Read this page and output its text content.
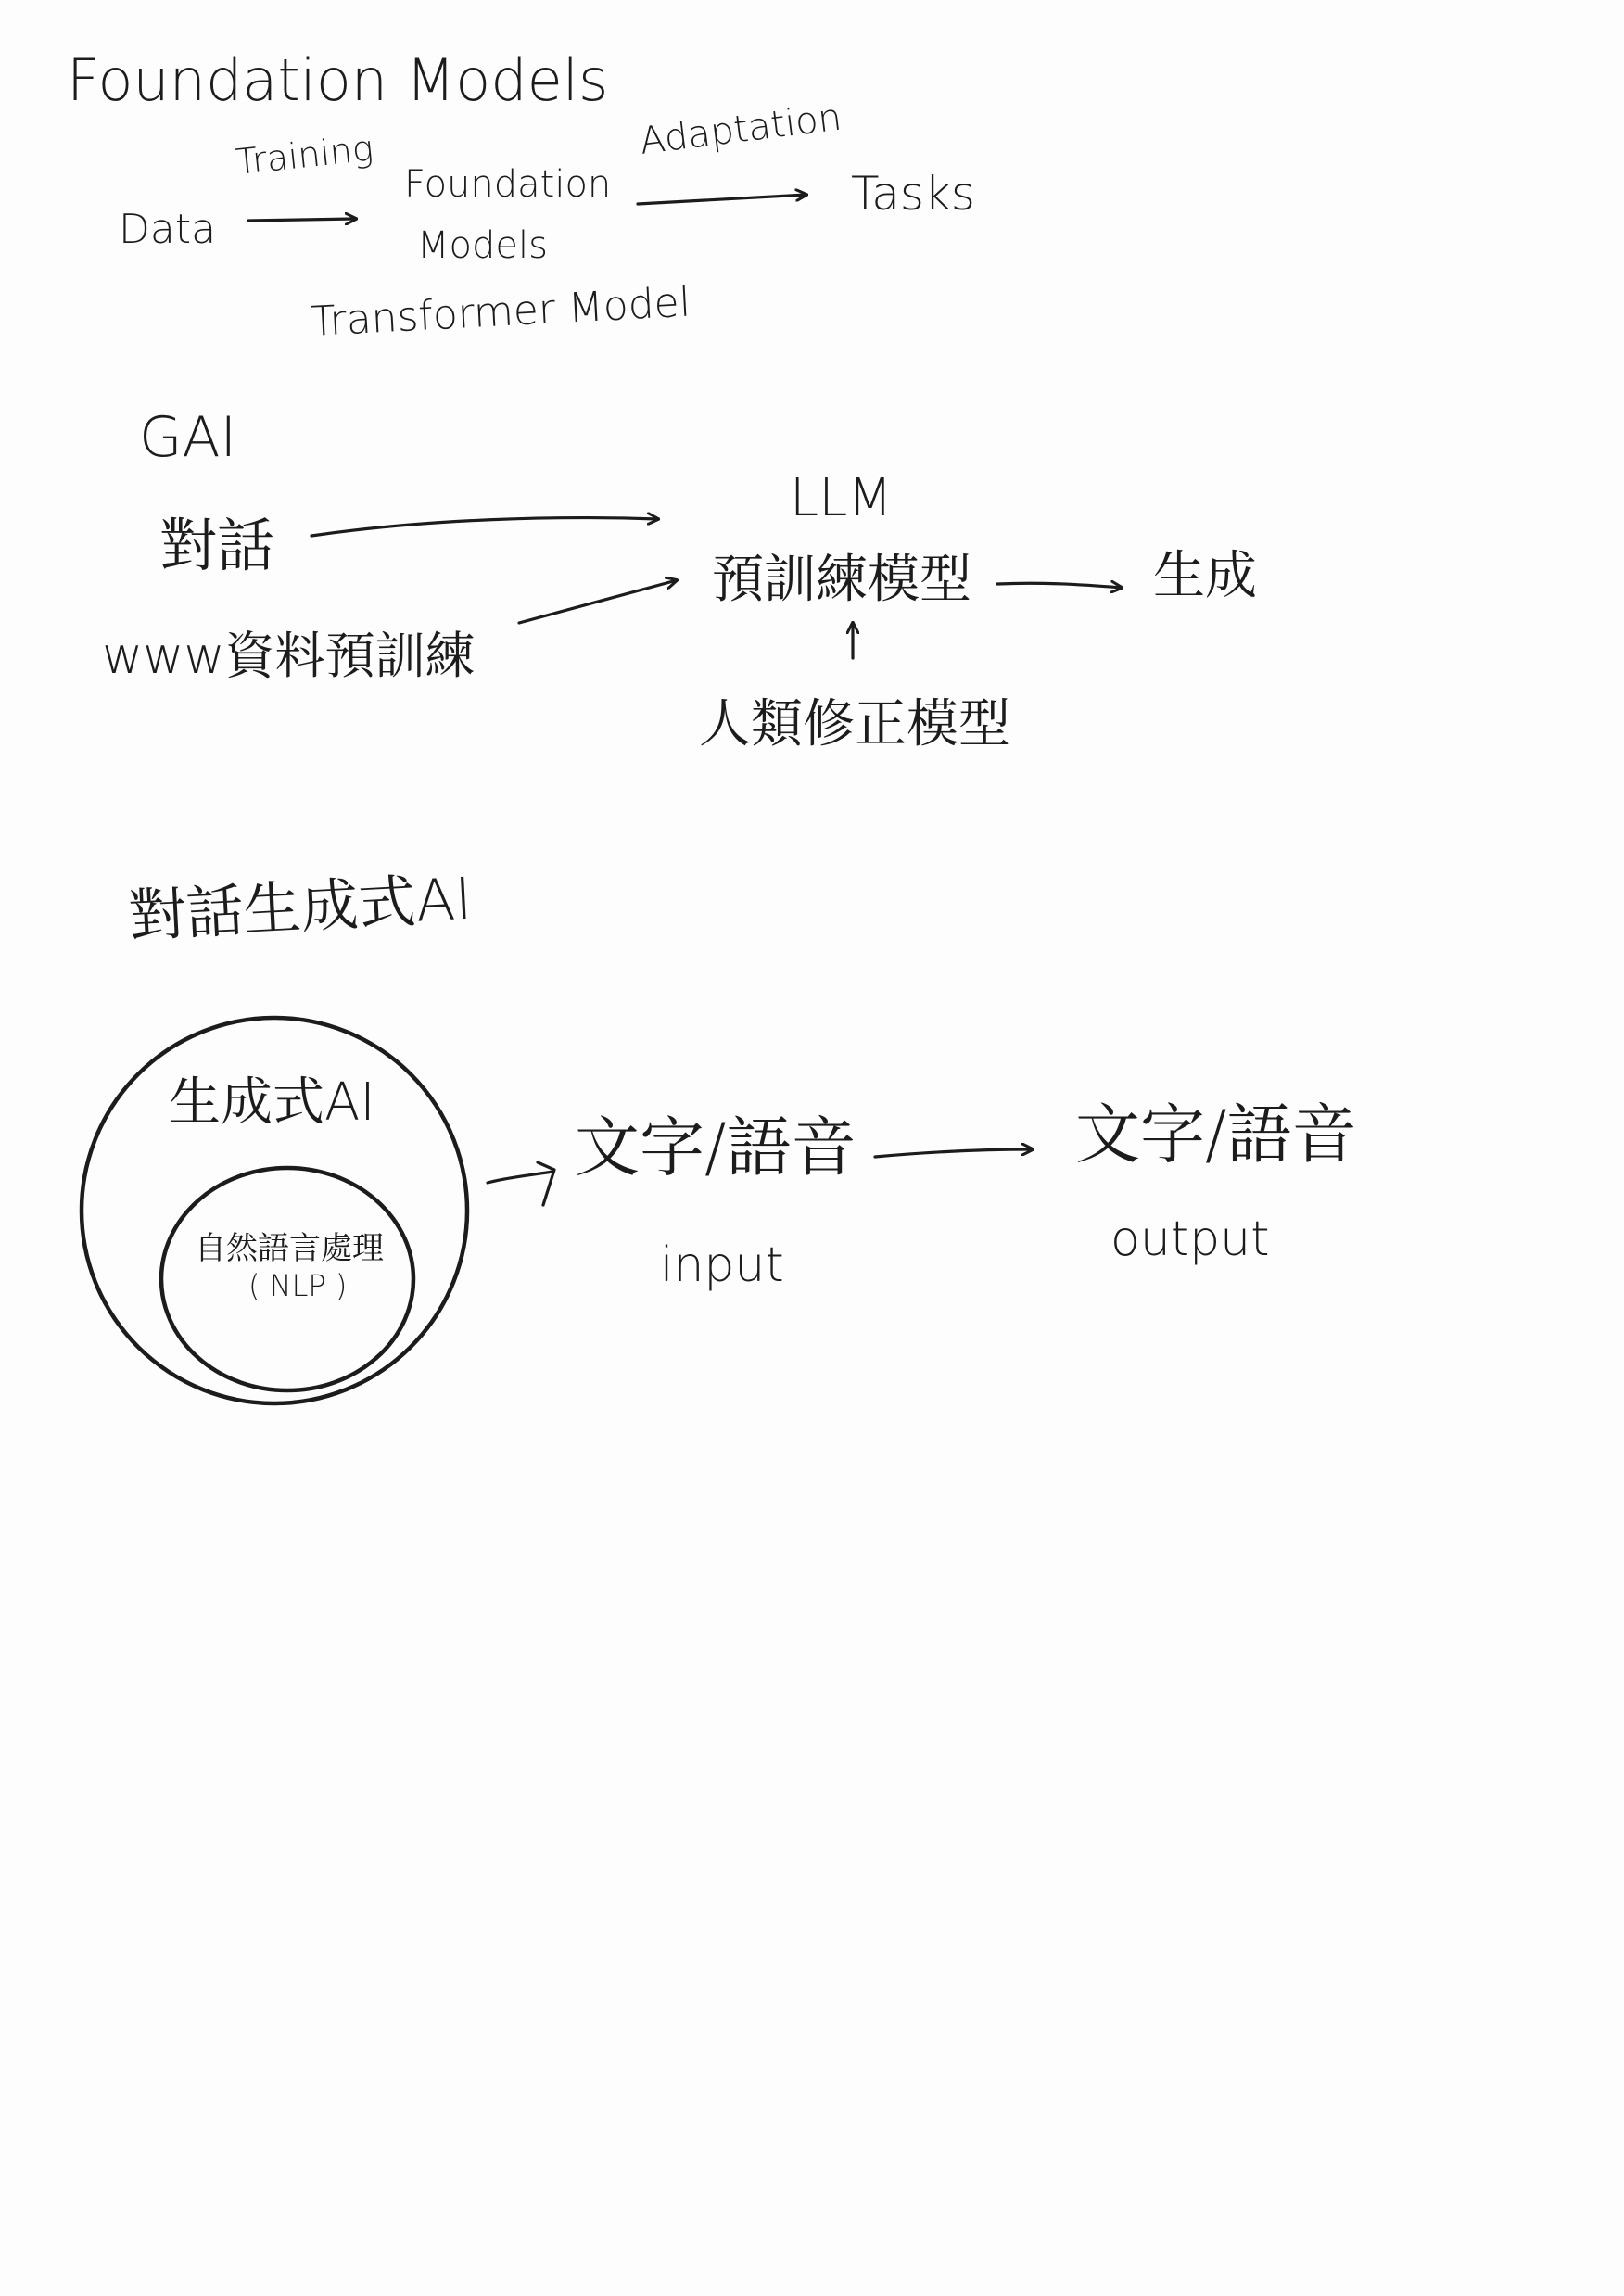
Foundation Models
Data
Training
Foundation
Models
Adaptation
Tasks
Transformer Model
GAI
對話
www資料預訓練
LLM
預訓練模型	生成
人類修正模型
對話生成式AI
生成式AI
自然語言處理
( NLP )
文字/語音
input
文字/語音
output
